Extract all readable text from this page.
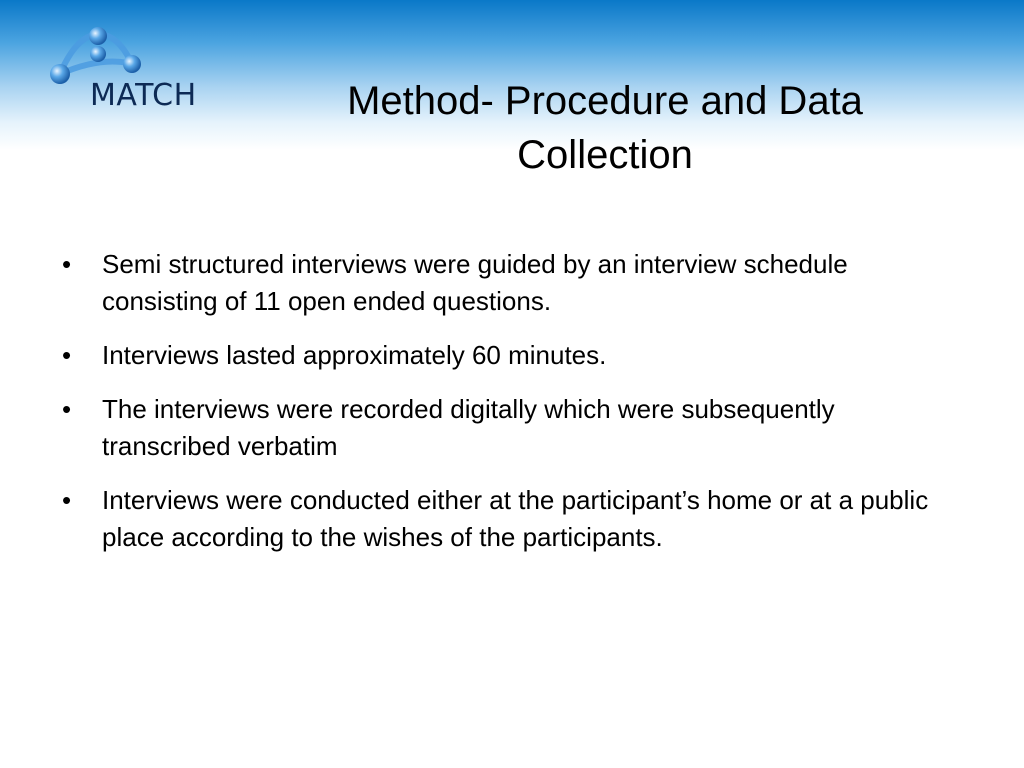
MATCH	Method- Procedure and Data
Collection
• Semi structured interviews were guided by an interview schedule consisting of 11 open ended questions.
• Interviews lasted approximately 60 minutes.
• The interviews were recorded digitally which were subsequently transcribed verbatim
• Interviews were conducted either at the participant’s home or at a public place according to the wishes of the participants.
